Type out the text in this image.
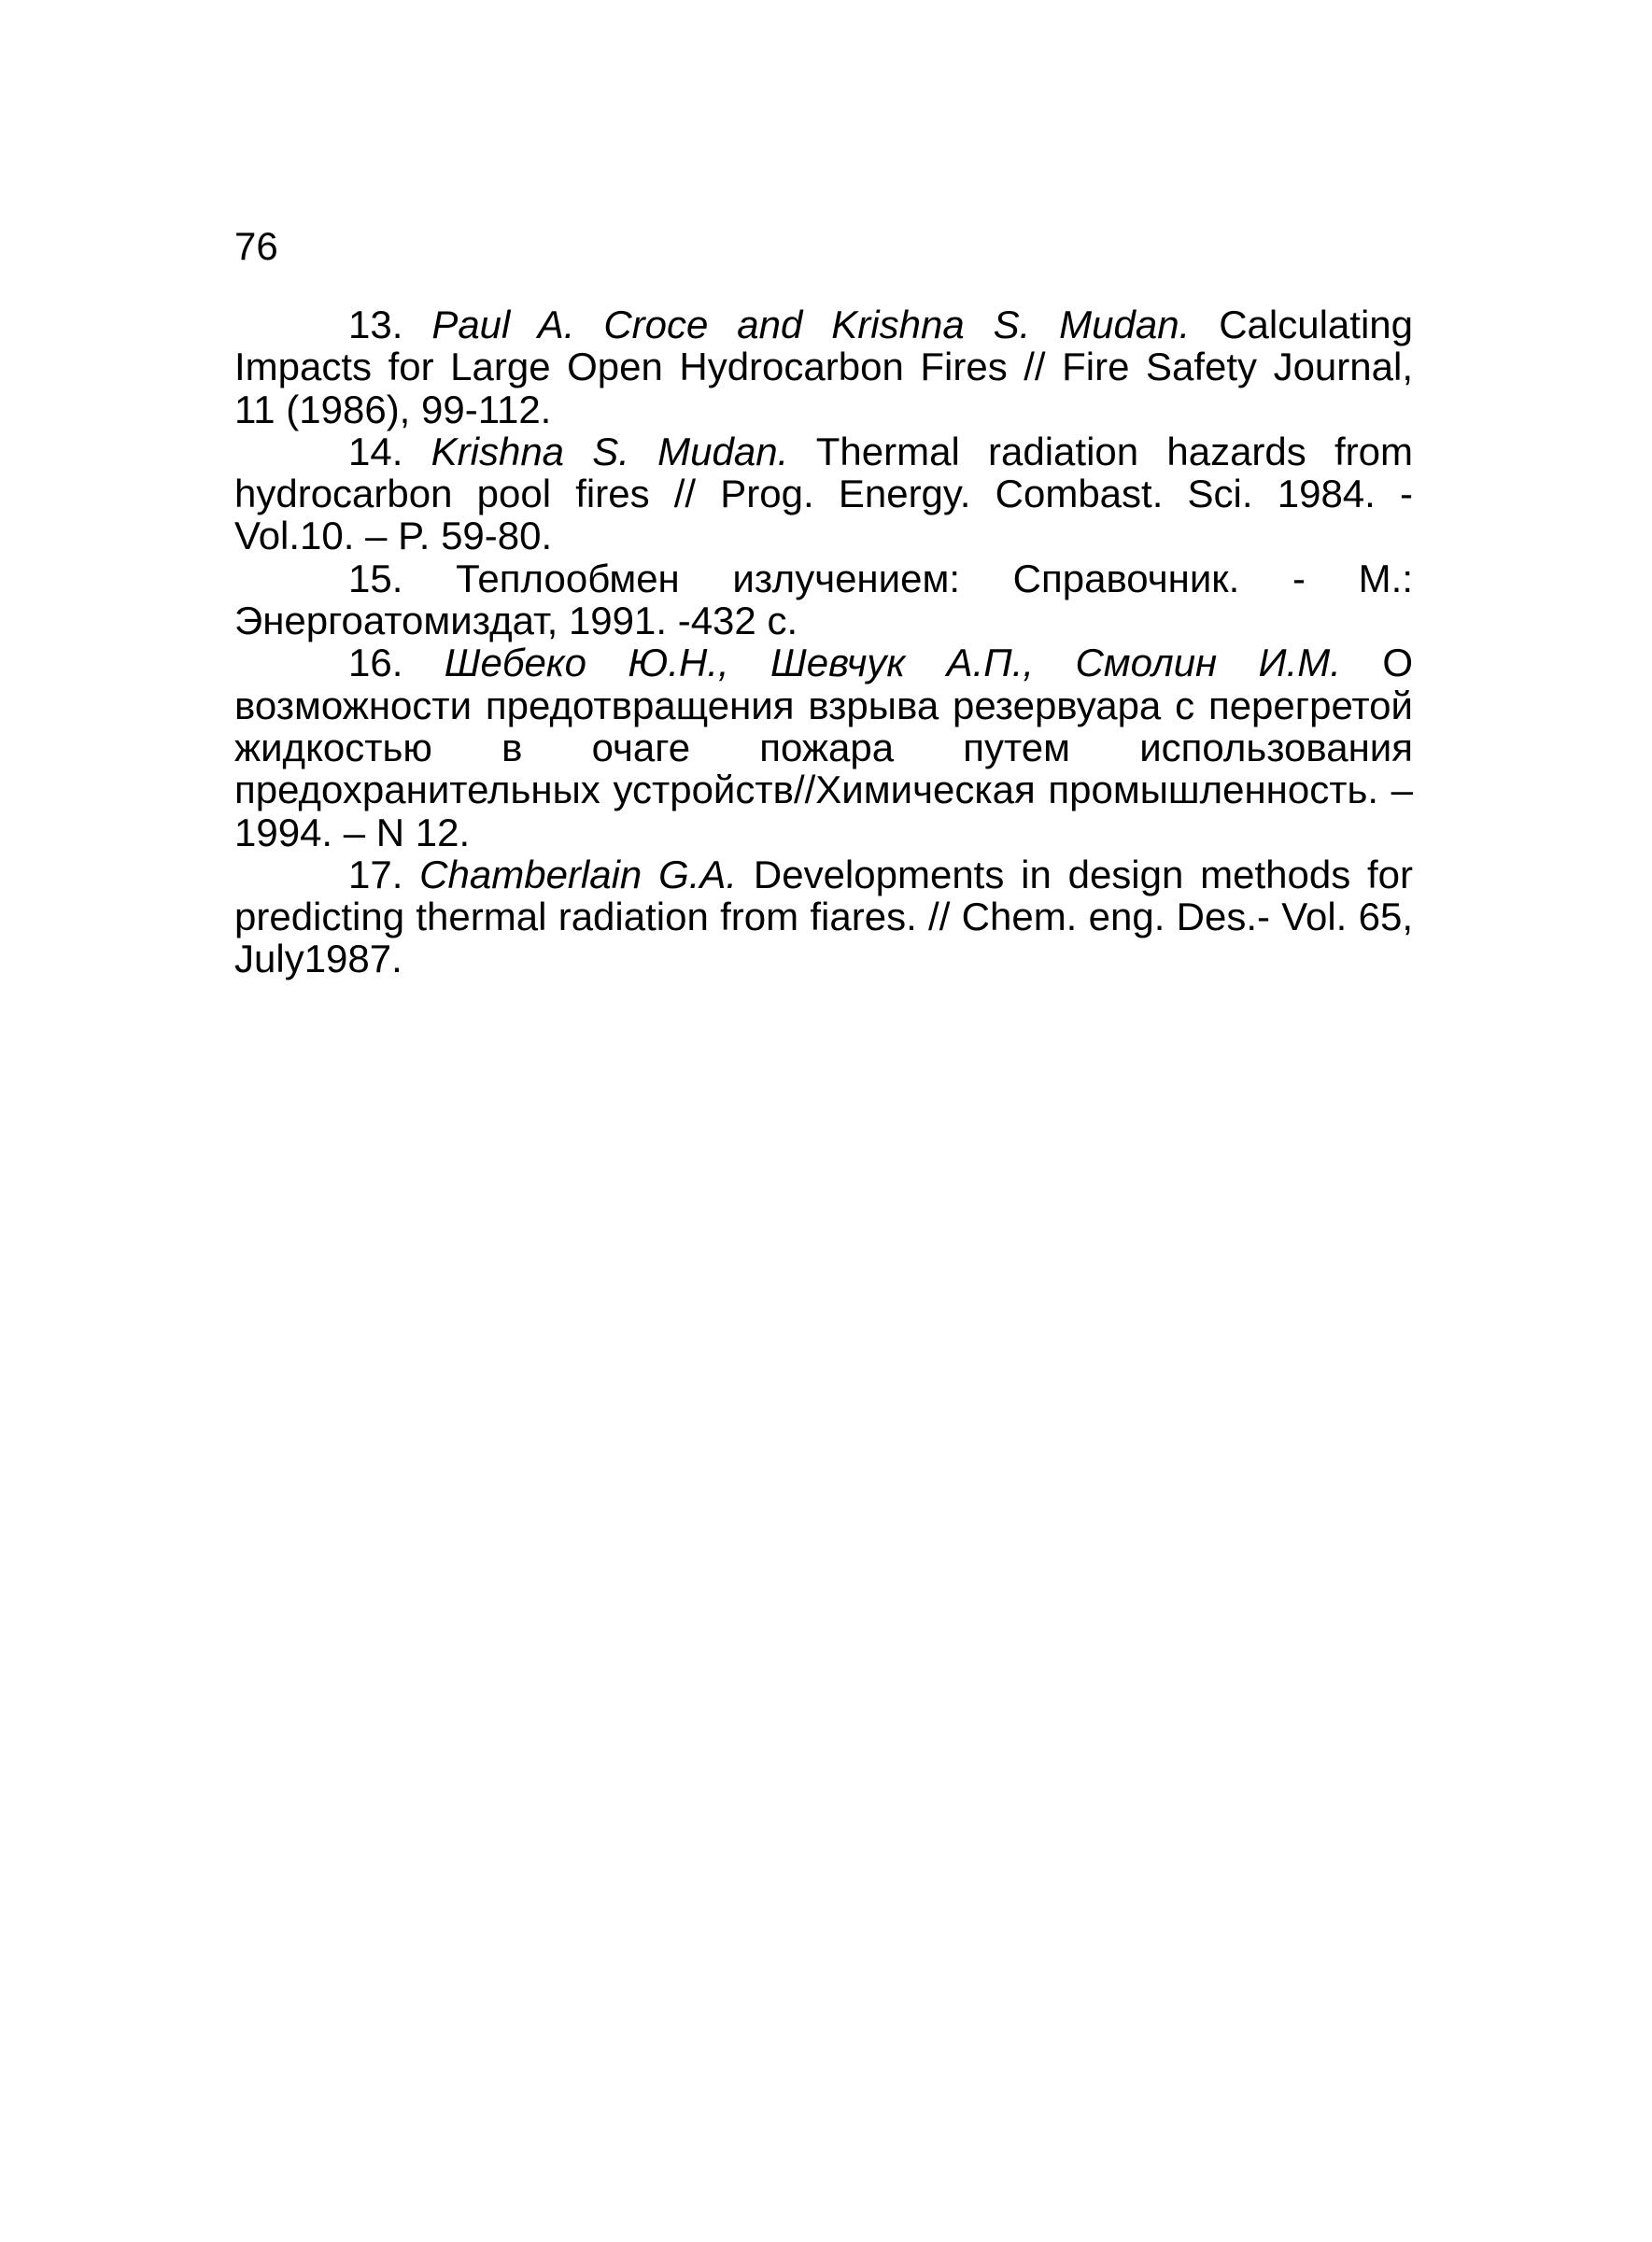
76
13. Paul A. Croce and Krishna S. Mudan. Calculating Impacts for Large Open Hydrocarbon Fires // Fire Safety Journal, 11 (1986), 99-112.
14. Krishna S. Mudan. Thermal radiation hazards from hydrocarbon pool fires // Prog. Energy. Combast. Sci. 1984. - Vol.10. – P. 59-80.
15. Теплообмен излучением: Справочник. - М.: Энергоатомиздат, 1991. -432 с.
16. Шебеко Ю.Н., Шевчук А.П., Смолин И.М. О возможности предотвращения взрыва резервуара с перегретой жидкостью в очаге пожара путем использования предохранительных устройств//Химическая промышленность. – 1994. – N 12.
17. Chamberlain G.A. Developments in design methods for predicting thermal radiation from fiares. // Chem. eng. Des.- Vol. 65, July1987.
